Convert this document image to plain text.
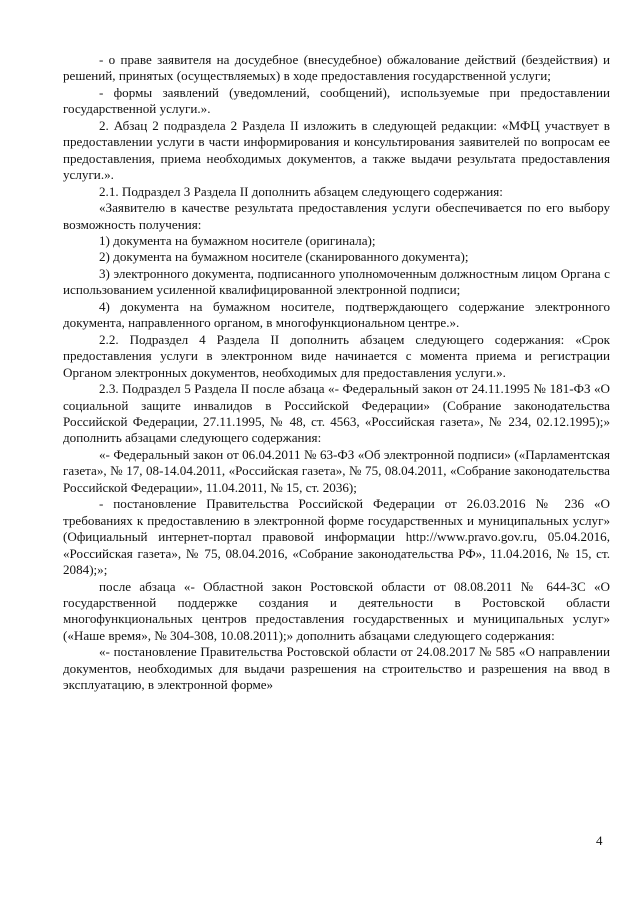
- о праве заявителя на досудебное (внесудебное) обжалование действий (бездействия) и решений, принятых (осуществляемых) в ходе предоставления государственной услуги;

- формы заявлений (уведомлений, сообщений), используемые при предоставлении государственной услуги.».

2. Абзац 2 подраздела 2 Раздела II изложить в следующей редакции: «МФЦ участвует в предоставлении услуги в части информирования и консультирования заявителей по вопросам ее предоставления, приема необходимых документов, а также выдачи результата предоставления услуги.».

2.1. Подраздел 3 Раздела II дополнить абзацем следующего содержания:

«Заявителю в качестве результата предоставления услуги обеспечивается по его выбору возможность получения:

1) документа на бумажном носителе (оригинала);

2) документа на бумажном носителе (сканированного документа);

3) электронного документа, подписанного уполномоченным должностным лицом Органа с использованием усиленной квалифицированной электронной подписи;

4) документа на бумажном носителе, подтверждающего содержание электронного документа, направленного органом, в многофункциональном центре.».

2.2. Подраздел 4 Раздела II дополнить абзацем следующего содержания: «Срок предоставления услуги в электронном виде начинается с момента приема и регистрации Органом электронных документов, необходимых для предоставления услуги.».

2.3. Подраздел 5 Раздела II после абзаца «- Федеральный закон от 24.11.1995 № 181-ФЗ «О социальной защите инвалидов в Российской Федерации» (Собрание законодательства Российской Федерации, 27.11.1995, № 48, ст. 4563, «Российская газета», № 234, 02.12.1995);» дополнить абзацами следующего содержания:

«- Федеральный закон от 06.04.2011 № 63-ФЗ «Об электронной подписи» («Парламентская газета», № 17, 08-14.04.2011, «Российская газета», № 75, 08.04.2011, «Собрание законодательства Российской Федерации», 11.04.2011, № 15, ст. 2036);

- постановление Правительства Российской Федерации от 26.03.2016 № 236 «О требованиях к предоставлению в электронной форме государственных и муниципальных услуг» (Официальный интернет-портал правовой информации http://www.pravo.gov.ru, 05.04.2016, «Российская газета», № 75, 08.04.2016, «Собрание законодательства РФ», 11.04.2016, № 15, ст. 2084);»;

после абзаца «- Областной закон Ростовской области от 08.08.2011 № 644-ЗС «О государственной поддержке создания и деятельности в Ростовской области многофункциональных центров предоставления государственных и муниципальных услуг» («Наше время», № 304-308, 10.08.2011);» дополнить абзацами следующего содержания:

«- постановление Правительства Ростовской области от 24.08.2017 № 585 «О направлении документов, необходимых для выдачи разрешения на строительство и разрешения на ввод в эксплуатацию, в электронной форме»

4
